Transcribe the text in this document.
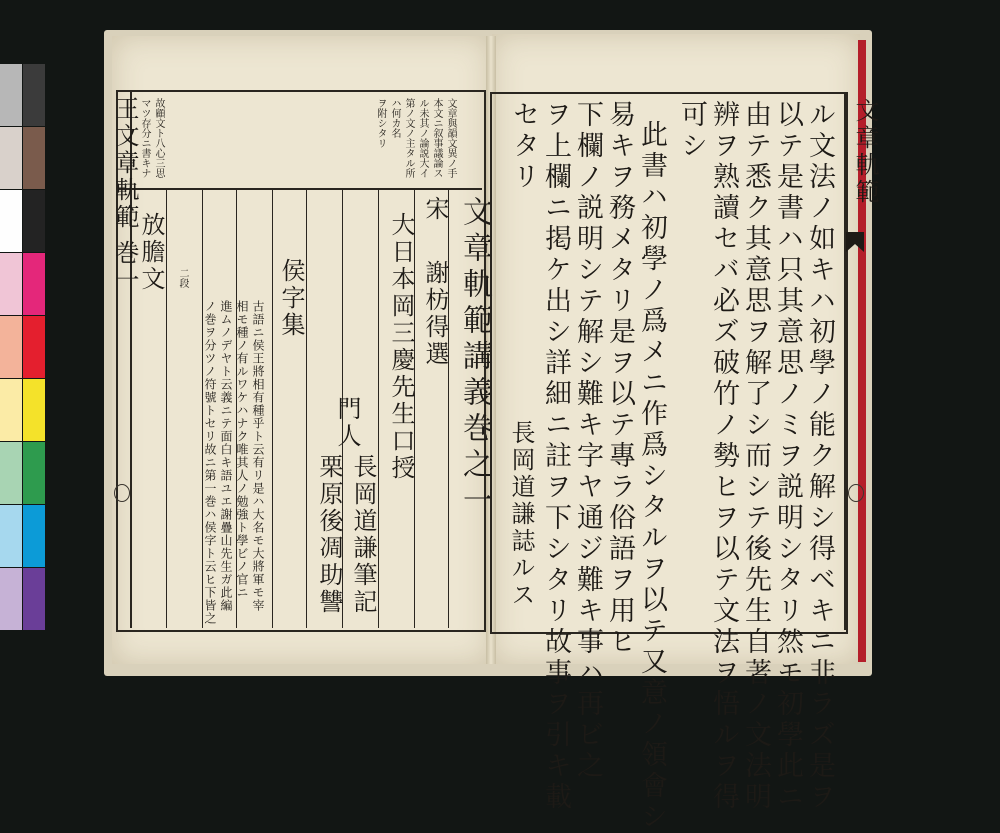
王文章軌範
巻一
文章與韻文異ノ手
本文ニ叙事議論ス
ル未其ノ論説大イ
第ノ文ノ主タル所
ハ何カ名
ヲ附シタリ
故顧文ト八心三思
マツ存分ニ書キナ
文章軌範講義巻之一
宋
謝枋得選
大日本岡三慶先生口授
門人
長岡道謙筆記
栗原後凋助讐
放膽文
侯字集
古語ニ侯王將相有種乎ト云有リ是ハ大名モ大將軍モ宰
相モ種ノ有ルワケハナク唯其人ノ勉強ト學ビノ官ニ
進ムノデヤト云義ニテ面白キ語ユエ謝疊山先生ガ此編
ノ巻ヲ分ツノ符號トセリ故ニ第一巻ハ侯字ト云ヒ下皆之
二段
文章軌範
ル文法ノ如キハ初學ノ能ク解シ得ベキニ非ラズ是ヲ
以テ是書ハ只其意思ノミヲ説明シタリ然モ初學此ニ
由テ悉ク其意思ヲ解了シ而シテ後先生自著ノ文法明
辨ヲ熟讀セバ必ズ破竹ノ勢ヒヲ以テ文法ヲ悟ルヲ得
可シ
此書ハ初學ノ爲メニ作爲シタルヲ以テ又意ノ領會シ
易キヲ務メタリ是ヲ以テ專ラ俗語ヲ用ヒ
下欄ノ説明シテ解シ難キ字ヤ通ジ難キ事ハ再ビ之
ヲ上欄ニ掲ケ出シ詳細ニ註ヲ下シタリ故事ヲ引キ載
セタリ
長岡道謙誌ルス
